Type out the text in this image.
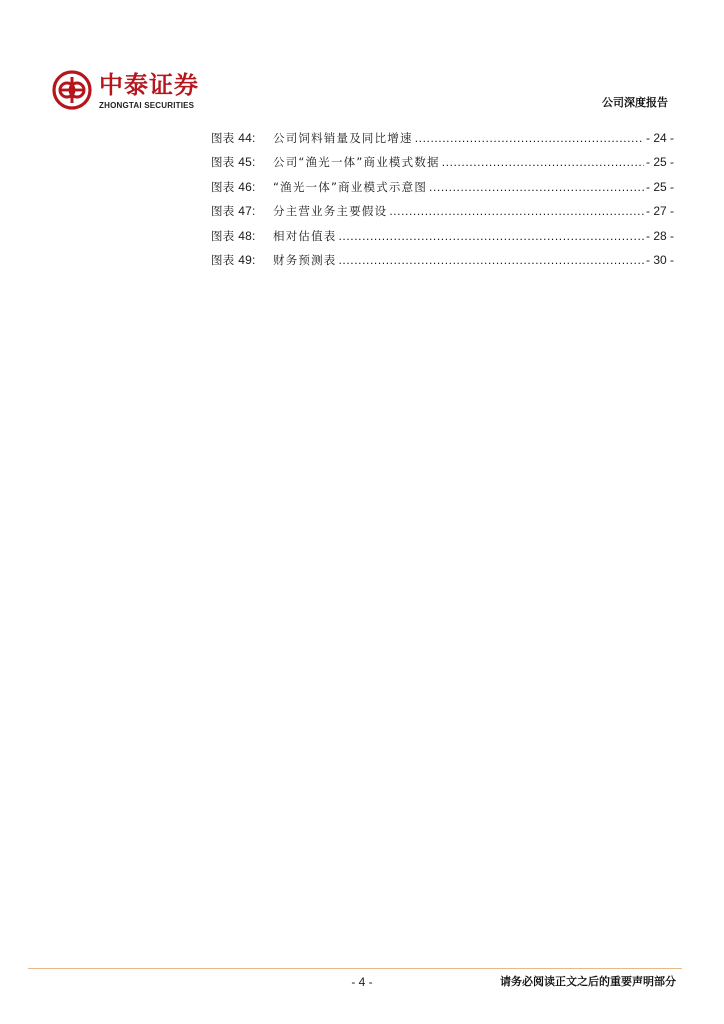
中泰证券
ZHONGTAI SECURITIES	公司深度报告
图表 44:	公司饲料销量及同比增速 .....	- 24 -
图表 45:	公司“渔光一体”商业模式数据 .....	- 25 -
图表 46:	“渔光一体”商业模式示意图 .....	- 25 -
图表 47:	分主营业务主要假设 .....	- 27 -
图表 48:	相对估值表 .....	- 28 -
图表 49:	财务预测表 .....	- 30 -
- 4 -	请务必阅读正文之后的重要声明部分
